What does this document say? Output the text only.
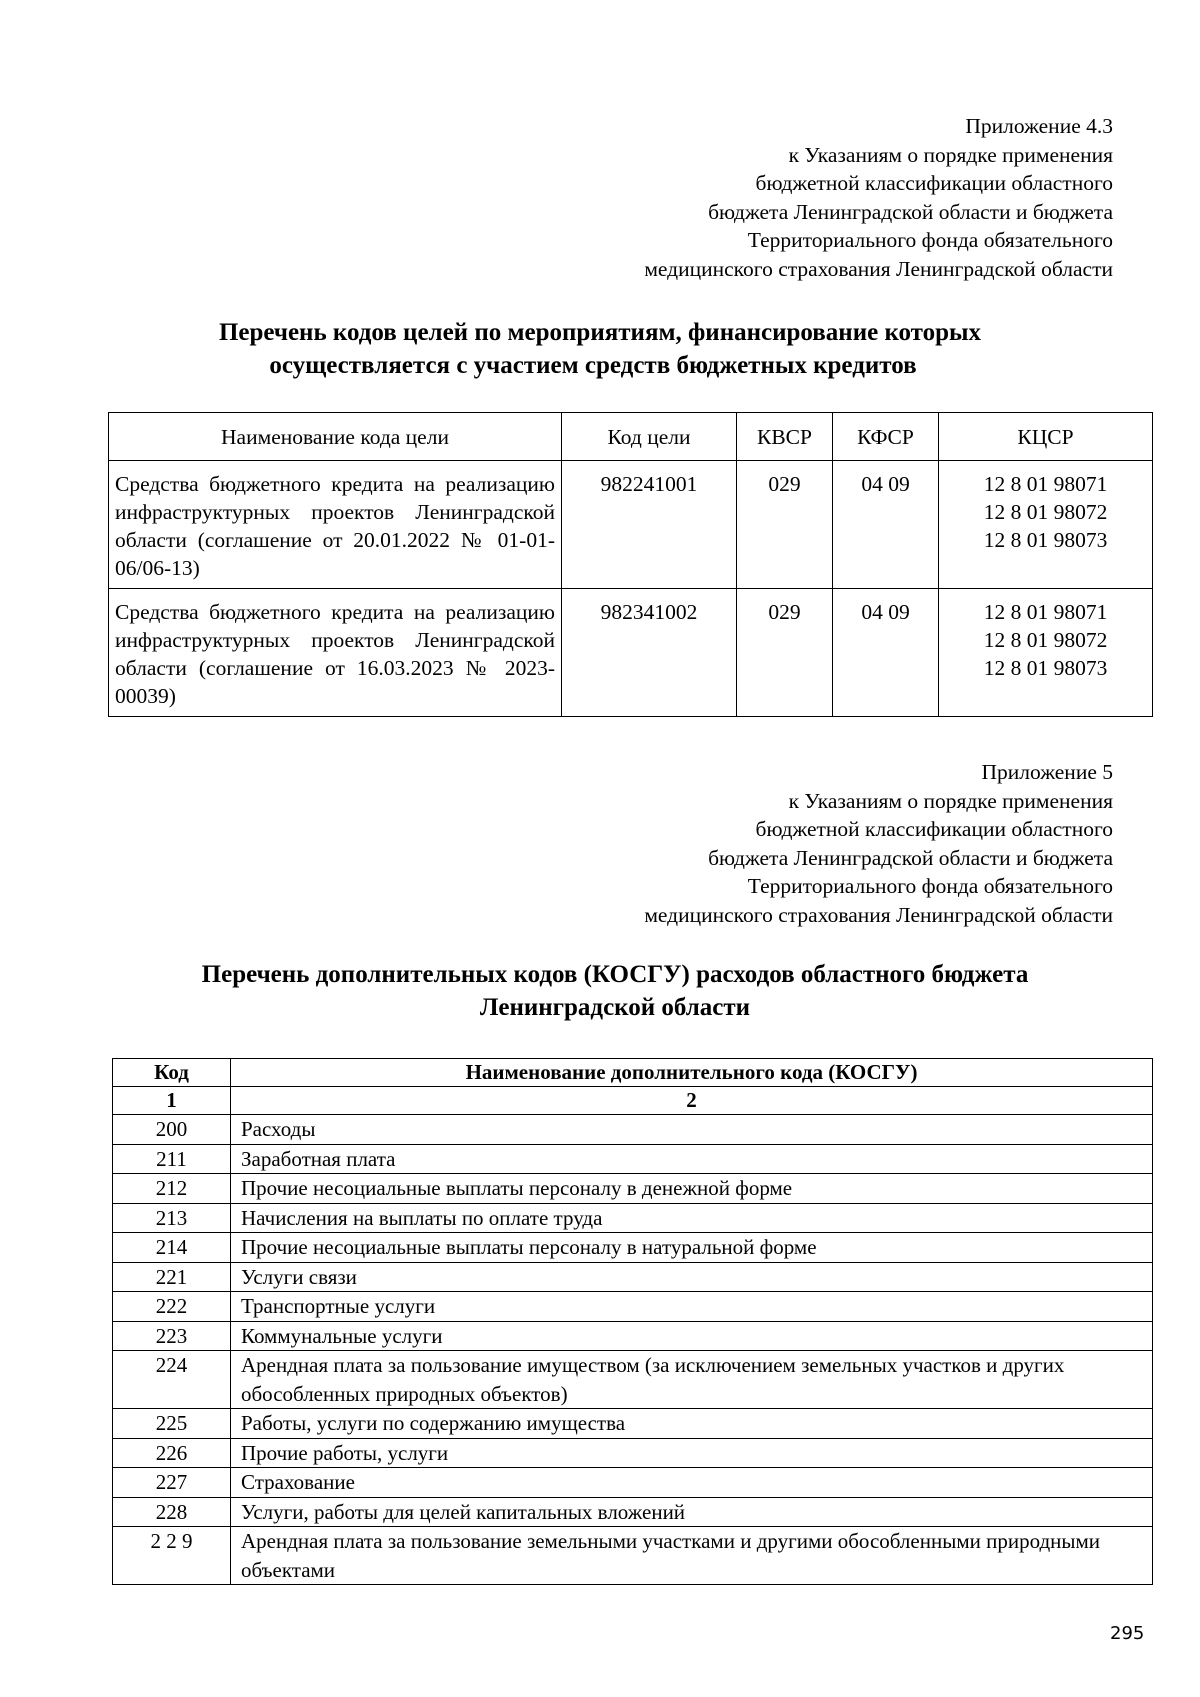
Приложение 4.3
к Указаниям о порядке применения
бюджетной классификации областного
бюджета Ленинградской области и бюджета
Территориального фонда обязательного
медицинского страхования Ленинградской области
Перечень кодов целей по мероприятиям, финансирование которых
осуществляется с участием средств бюджетных кредитов
Наименование кода цели	Код цели	КВСР	КФСР	КЦСР
Средства бюджетного кредита на реализацию инфраструктурных проектов Ленинградской области (соглашение от 20.01.2022 № 01-01-06/06-13)	982241001	029	04 09	12 8 01 98071
12 8 01 98072
12 8 01 98073

Средства бюджетного кредита на реализацию инфраструктурных проектов Ленинградской области (соглашение от 16.03.2023 № 2023-00039)	982341002	029	04 09	12 8 01 98071
12 8 01 98072
12 8 01 98073
Приложение 5
к Указаниям о порядке применения
бюджетной классификации областного
бюджета Ленинградской области и бюджета
Территориального фонда обязательного
медицинского страхования Ленинградской области
Перечень дополнительных кодов (КОСГУ) расходов областного бюджета
Ленинградской области
Код	Наименование дополнительного кода (КОСГУ)
1	2
200	Расходы
211	Заработная плата
212	Прочие несоциальные выплаты персоналу в денежной форме
213	Начисления на выплаты по оплате труда
214	Прочие несоциальные выплаты персоналу в натуральной форме
221	Услуги связи
222	Транспортные услуги
223	Коммунальные услуги
224	Арендная плата за пользование имуществом (за исключением земельных участков и других обособленных природных объектов)
225	Работы, услуги по содержанию имущества
226	Прочие работы, услуги
227	Страхование
228	Услуги, работы для целей капитальных вложений
2 2 9	Арендная плата за пользование земельными участками и другими обособленными природными объектами
295
